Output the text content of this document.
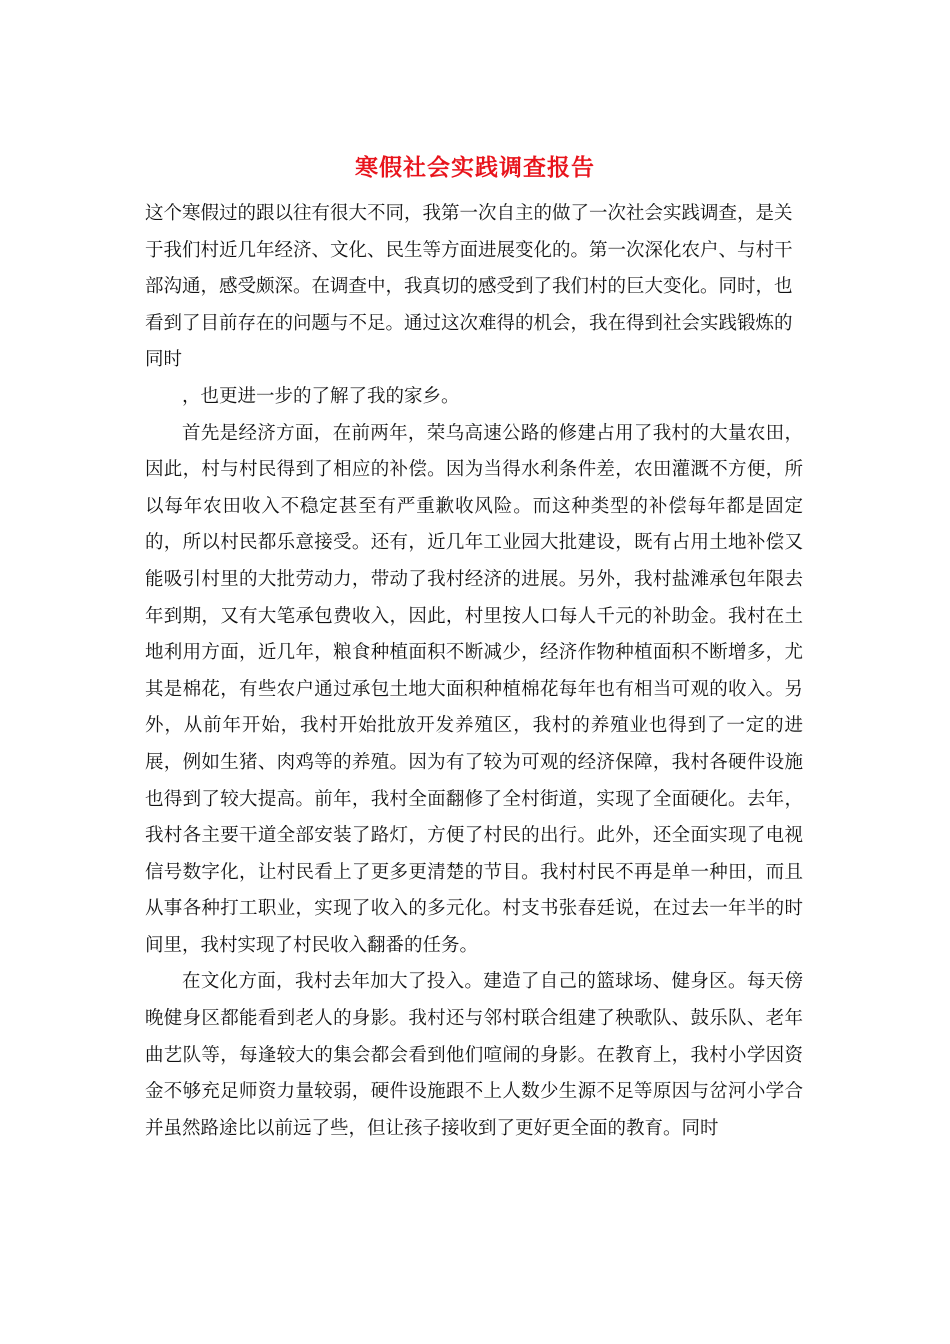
寒假社会实践调查报告

这个寒假过的跟以往有很大不同，我第一次自主的做了一次社会实践调查，是关于我们村近几年经济、文化、民生等方面进展变化的。第一次深化农户、与村干部沟通，感受颇深。在调查中，我真切的感受到了我们村的巨大变化。同时，也看到了目前存在的问题与不足。通过这次难得的机会，我在得到社会实践锻炼的同时

，也更进一步的了解了我的家乡。

首先是经济方面，在前两年，荣乌高速公路的修建占用了我村的大量农田，因此，村与村民得到了相应的补偿。因为当得水利条件差，农田灌溉不方便，所以每年农田收入不稳定甚至有严重歉收风险。而这种类型的补偿每年都是固定的，所以村民都乐意接受。还有，近几年工业园大批建设，既有占用土地补偿又能吸引村里的大批劳动力，带动了我村经济的进展。另外，我村盐滩承包年限去年到期，又有大笔承包费收入，因此，村里按人口每人千元的补助金。我村在土地利用方面，近几年，粮食种植面积不断减少，经济作物种植面积不断增多，尤其是棉花，有些农户通过承包土地大面积种植棉花每年也有相当可观的收入。另外，从前年开始，我村开始批放开发养殖区，我村的养殖业也得到了一定的进展，例如生猪、肉鸡等的养殖。因为有了较为可观的经济保障，我村各硬件设施也得到了较大提高。前年，我村全面翻修了全村街道，实现了全面硬化。去年，我村各主要干道全部安装了路灯，方便了村民的出行。此外，还全面实现了电视信号数字化，让村民看上了更多更清楚的节目。我村村民不再是单一种田，而且从事各种打工职业，实现了收入的多元化。村支书张春廷说，在过去一年半的时间里，我村实现了村民收入翻番的任务。

在文化方面，我村去年加大了投入。建造了自己的篮球场、健身区。每天傍晚健身区都能看到老人的身影。我村还与邻村联合组建了秧歌队、鼓乐队、老年曲艺队等，每逢较大的集会都会看到他们喧闹的身影。在教育上，我村小学因资金不够充足师资力量较弱，硬件设施跟不上人数少生源不足等原因与岔河小学合并虽然路途比以前远了些，但让孩子接收到了更好更全面的教育。同时
